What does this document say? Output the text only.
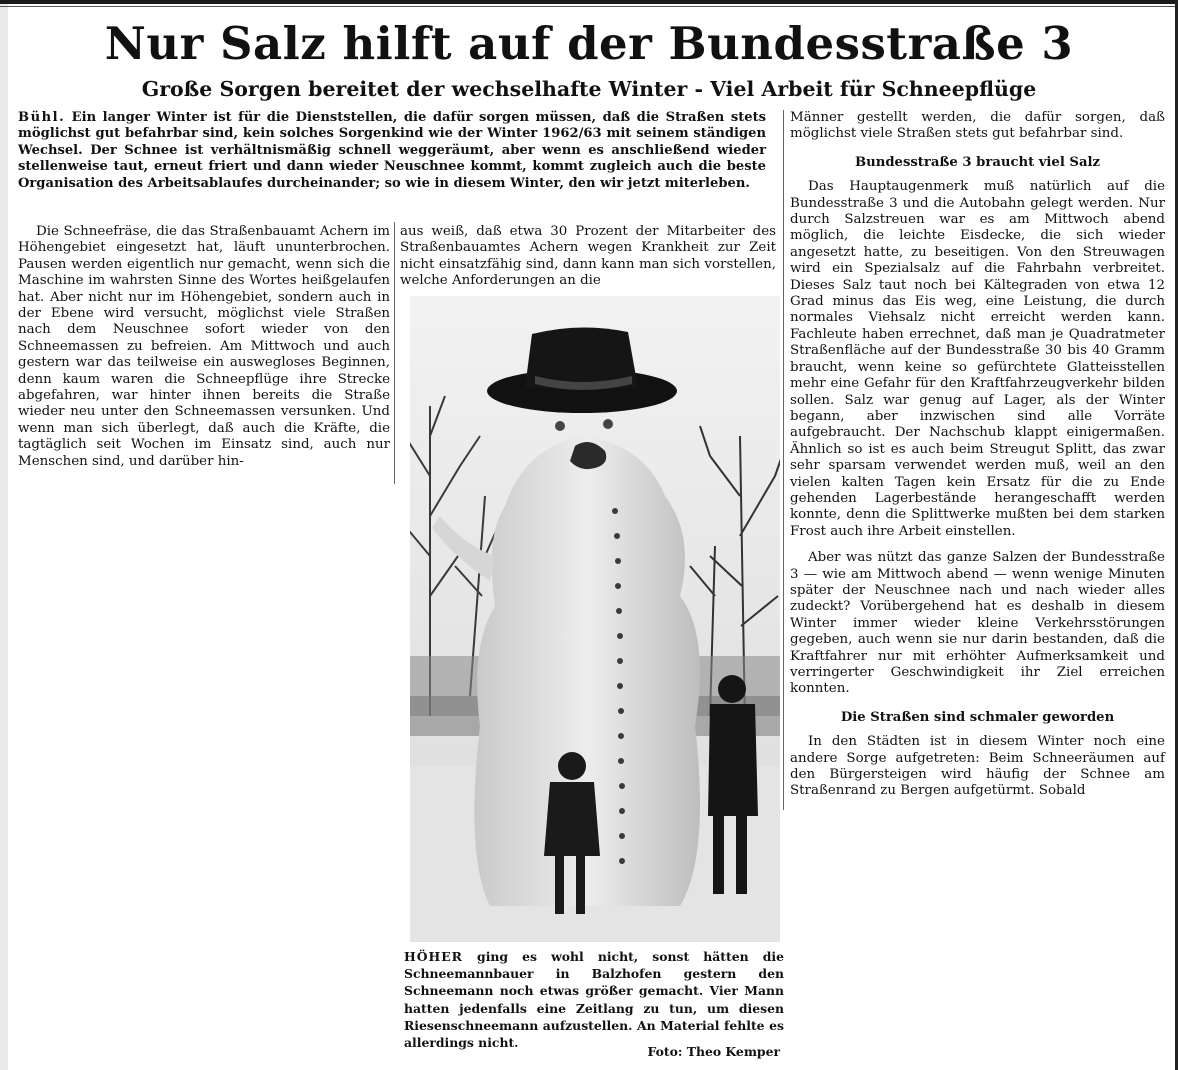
Nur Salz hilft auf der Bundesstraße 3
Große Sorgen bereitet der wechselhafte Winter - Viel Arbeit für Schneepflüge
Bühl. Ein langer Winter ist für die Dienststellen, die dafür sorgen müssen, daß die Straßen stets möglichst gut befahrbar sind, kein solches Sorgenkind wie der Winter 1962/63 mit seinem ständigen Wechsel. Der Schnee ist verhältnismäßig schnell weggeräumt, aber wenn es anschließend wieder stellenweise taut, erneut friert und dann wieder Neuschnee kommt, kommt zugleich auch die beste Organisation des Arbeitsablaufes durcheinander; so wie in diesem Winter, den wir jetzt miterleben.

Die Schneefräse, die das Straßenbauamt Achern im Höhengebiet eingesetzt hat, läuft ununterbrochen. Pausen werden eigentlich nur gemacht, wenn sich die Maschine im wahrsten Sinne des Wortes heißgelaufen hat. Aber nicht nur im Höhengebiet, sondern auch in der Ebene wird versucht, möglichst viele Straßen nach dem Neuschnee sofort wieder von den Schneemassen zu befreien. Am Mittwoch und auch gestern war das teilweise ein auswegloses Beginnen, denn kaum waren die Schneepflüge ihre Strecke abgefahren, war hinter ihnen bereits die Straße wieder neu unter den Schneemassen versunken. Und wenn man sich überlegt, daß auch die Kräfte, die tagtäglich seit Wochen im Einsatz sind, auch nur Menschen sind, und darüber hin-

aus weiß, daß etwa 30 Prozent der Mitarbeiter des Straßenbauamtes Achern wegen Krankheit zur Zeit nicht einsatzfähig sind, dann kann man sich vorstellen, welche Anforderungen an die

Männer gestellt werden, die dafür sorgen, daß möglichst viele Straßen stets gut befahrbar sind.

Bundesstraße 3 braucht viel Salz

Das Hauptaugenmerk muß natürlich auf die Bundesstraße 3 und die Autobahn gelegt werden. Nur durch Salzstreuen war es am Mittwoch abend möglich, die leichte Eisdecke, die sich wieder angesetzt hatte, zu beseitigen. Von den Streuwagen wird ein Spezialsalz auf die Fahrbahn verbreitet. Dieses Salz taut noch bei Kältegraden von etwa 12 Grad minus das Eis weg, eine Leistung, die durch normales Viehsalz nicht erreicht werden kann. Fachleute haben errechnet, daß man je Quadratmeter Straßenfläche auf der Bundesstraße 30 bis 40 Gramm braucht, wenn keine so gefürchtete Glatteisstellen mehr eine Gefahr für den Kraftfahrzeugverkehr bilden sollen. Salz war genug auf Lager, als der Winter begann, aber inzwischen sind alle Vorräte aufgebraucht. Der Nachschub klappt einigermaßen. Ähnlich so ist es auch beim Streugut Splitt, das zwar sehr sparsam verwendet werden muß, weil an den vielen kalten Tagen kein Ersatz für die zu Ende gehenden Lagerbestände herangeschafft werden konnte, denn die Splittwerke mußten bei dem starken Frost auch ihre Arbeit einstellen.

Aber was nützt das ganze Salzen der Bundesstraße 3 — wie am Mittwoch abend — wenn wenige Minuten später der Neuschnee nach und nach wieder alles zudeckt? Vorübergehend hat es deshalb in diesem Winter immer wieder kleine Verkehrsstörungen gegeben, auch wenn sie nur darin bestanden, daß die Kraftfahrer nur mit erhöhter Aufmerksamkeit und verringerter Geschwindigkeit ihr Ziel erreichen konnten.

Die Straßen sind schmaler geworden

In den Städten ist in diesem Winter noch eine andere Sorge aufgetreten: Beim Schneeräumen auf den Bürgersteigen wird häufig der Schnee am Straßenrand zu Bergen aufgetürmt. Sobald

HÖHER ging es wohl nicht, sonst hätten die Schneemannbauer in Balzhofen gestern den Schneemann noch etwas größer gemacht. Vier Mann hatten jedenfalls eine Zeitlang zu tun, um diesen Riesenschneemann aufzustellen. An Material fehlte es allerdings nicht.

Foto: Theo Kemper
